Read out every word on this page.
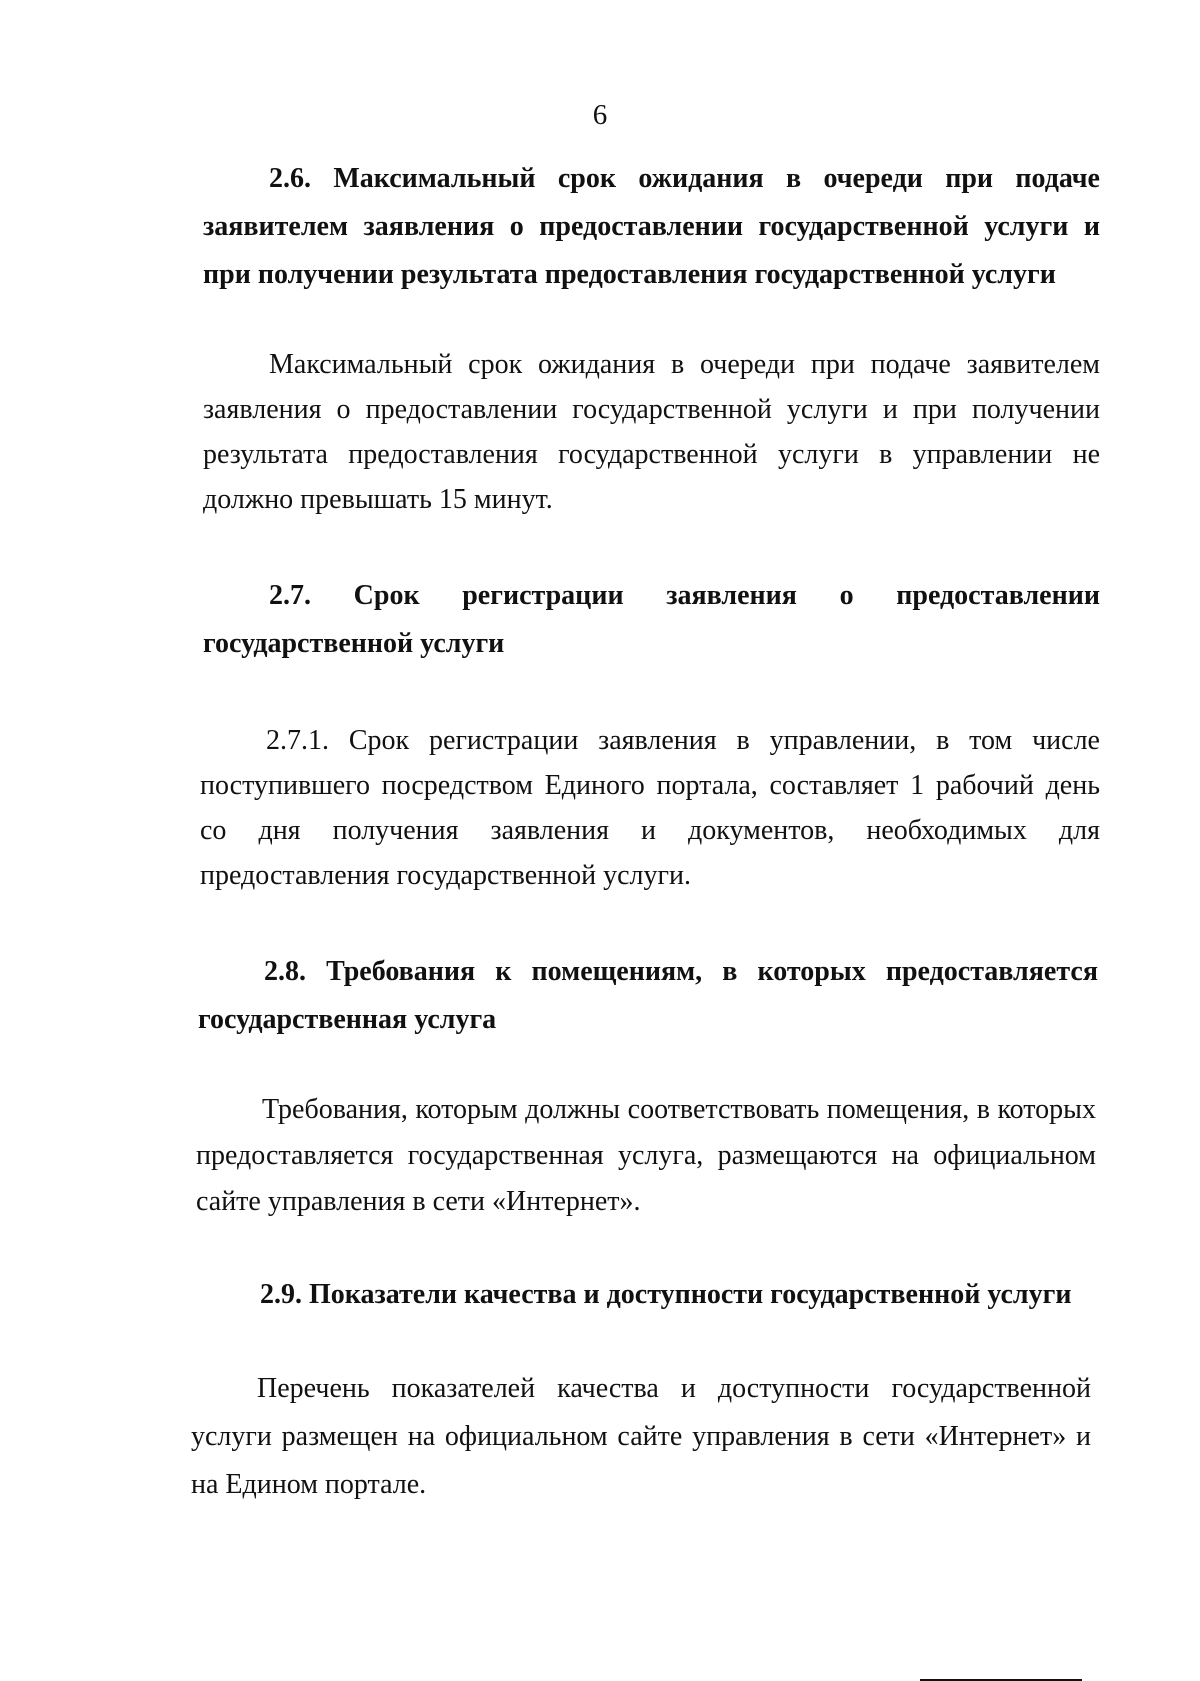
6

2.6. Максимальный срок ожидания в очереди при подаче заявителем заявления о предоставлении государственной услуги и при получении результата предоставления государственной услуги

Максимальный срок ожидания в очереди при подаче заявителем заявления о предоставлении государственной услуги и при получении результата предоставления государственной услуги в управлении не должно превышать 15 минут.

2.7. Срок регистрации заявления о предоставлении государственной услуги

2.7.1. Срок регистрации заявления в управлении, в том числе поступившего посредством Единого портала, составляет 1 рабочий день со дня получения заявления и документов, необходимых для предоставления государственной услуги.

2.8. Требования к помещениям, в которых предоставляется государственная услуга

Требования, которым должны соответствовать помещения, в которых предоставляется государственная услуга, размещаются на официальном сайте управления в сети «Интернет».

2.9. Показатели качества и доступности государственной услуги

Перечень показателей качества и доступности государственной услуги размещен на официальном сайте управления в сети «Интернет» и на Едином портале.
